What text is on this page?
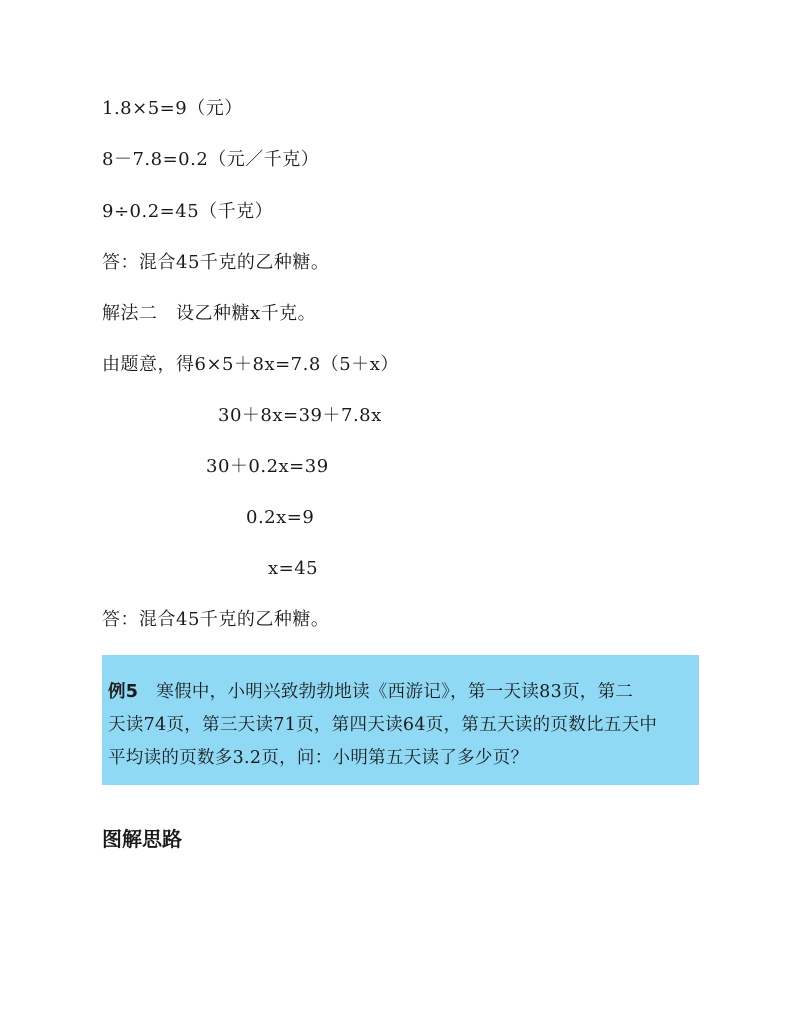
1.8×5=9（元）
8－7.8=0.2（元／千克）
9÷0.2=45（千克）
答：混合45千克的乙种糖。
解法二　设乙种糖x千克。
由题意，得6×5＋8x=7.8（5＋x）
30＋8x=39＋7.8x
30＋0.2x=39
0.2x=9
x=45
答：混合45千克的乙种糖。
例5 寒假中，小明兴致勃勃地读《西游记》，第一天读83页，第二
天读74页，第三天读71页，第四天读64页，第五天读的页数比五天中
平均读的页数多3.2页，问：小明第五天读了多少页？
图解思路
